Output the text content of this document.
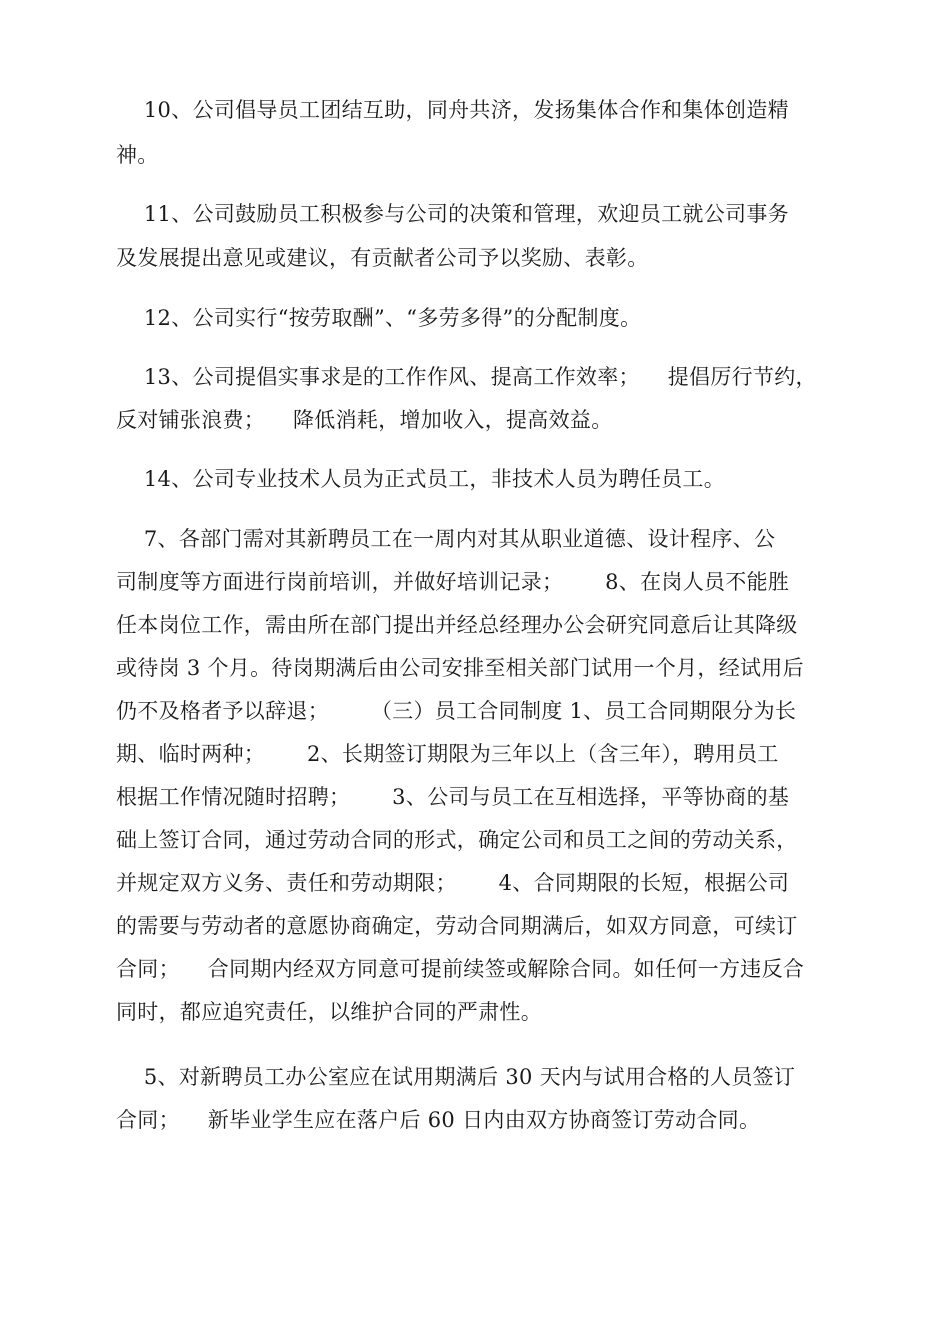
10、公司倡导员工团结互助，同舟共济，发扬集体合作和集体创造精
神。
11、公司鼓励员工积极参与公司的决策和管理，欢迎员工就公司事务
及发展提出意见或建议，有贡献者公司予以奖励、表彰。
12、公司实行“按劳取酬”、“多劳多得”的分配制度。
13、公司提倡实事求是的工作作风、提高工作效率；    提倡厉行节约，
反对铺张浪费；    降低消耗，增加收入，提高效益。
14、公司专业技术人员为正式员工，非技术人员为聘任员工。
7、各部门需对其新聘员工在一周内对其从职业道德、设计程序、公
司制度等方面进行岗前培训，并做好培训记录；      8、在岗人员不能胜
任本岗位工作，需由所在部门提出并经总经理办公会研究同意后让其降级
或待岗 3 个月。待岗期满后由公司安排至相关部门试用一个月，经试用后
仍不及格者予以辞退；      （三）员工合同制度 1、员工合同期限分为长
期、临时两种；      2、长期签订期限为三年以上（含三年），聘用员工
根据工作情况随时招聘；      3、公司与员工在互相选择，平等协商的基
础上签订合同，通过劳动合同的形式，确定公司和员工之间的劳动关系，
并规定双方义务、责任和劳动期限；      4、合同期限的长短，根据公司
的需要与劳动者的意愿协商确定，劳动合同期满后，如双方同意，可续订
合同；    合同期内经双方同意可提前续签或解除合同。如任何一方违反合
同时，都应追究责任，以维护合同的严肃性。
5、对新聘员工办公室应在试用期满后 30 天内与试用合格的人员签订
合同；    新毕业学生应在落户后 60 日内由双方协商签订劳动合同。
